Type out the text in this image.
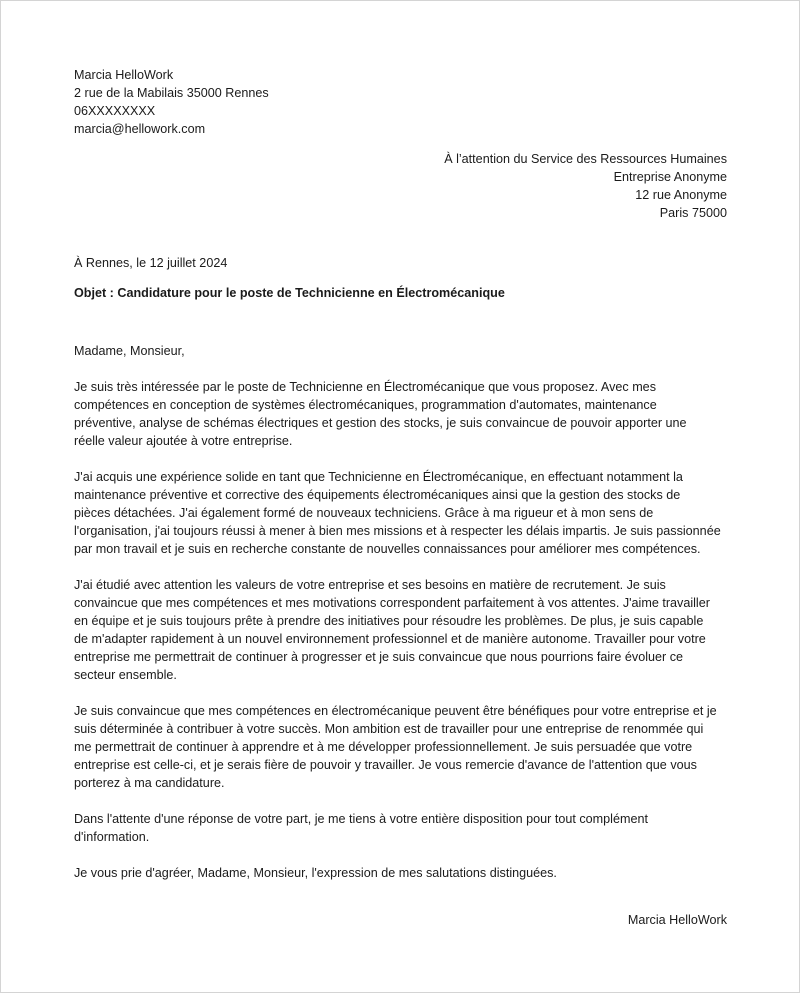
Marcia HelloWork
2 rue de la Mabilais 35000 Rennes
06XXXXXXXX
marcia@hellowork.com
À l’attention du Service des Ressources Humaines
Entreprise Anonyme
12 rue Anonyme
Paris 75000
À Rennes, le 12 juillet 2024
Objet : Candidature pour le poste de Technicienne en Électromécanique

Madame, Monsieur,

Je suis très intéressée par le poste de Technicienne en Électromécanique que vous proposez. Avec mes
compétences en conception de systèmes électromécaniques, programmation d'automates, maintenance
préventive, analyse de schémas électriques et gestion des stocks, je suis convaincue de pouvoir apporter une
réelle valeur ajoutée à votre entreprise.

J'ai acquis une expérience solide en tant que Technicienne en Électromécanique, en effectuant notamment la
maintenance préventive et corrective des équipements électromécaniques ainsi que la gestion des stocks de
pièces détachées. J'ai également formé de nouveaux techniciens. Grâce à ma rigueur et à mon sens de
l'organisation, j'ai toujours réussi à mener à bien mes missions et à respecter les délais impartis. Je suis passionnée
par mon travail et je suis en recherche constante de nouvelles connaissances pour améliorer mes compétences.

J'ai étudié avec attention les valeurs de votre entreprise et ses besoins en matière de recrutement. Je suis
convaincue que mes compétences et mes motivations correspondent parfaitement à vos attentes. J'aime travailler
en équipe et je suis toujours prête à prendre des initiatives pour résoudre les problèmes. De plus, je suis capable
de m'adapter rapidement à un nouvel environnement professionnel et de manière autonome. Travailler pour votre
entreprise me permettrait de continuer à progresser et je suis convaincue que nous pourrions faire évoluer ce
secteur ensemble.

Je suis convaincue que mes compétences en électromécanique peuvent être bénéfiques pour votre entreprise et je
suis déterminée à contribuer à votre succès. Mon ambition est de travailler pour une entreprise de renommée qui
me permettrait de continuer à apprendre et à me développer professionnellement. Je suis persuadée que votre
entreprise est celle-ci, et je serais fière de pouvoir y travailler. Je vous remercie d'avance de l'attention que vous
porterez à ma candidature.

Dans l'attente d'une réponse de votre part, je me tiens à votre entière disposition pour tout complément
d'information.

Je vous prie d'agréer, Madame, Monsieur, l'expression de mes salutations distinguées.

Marcia HelloWork
